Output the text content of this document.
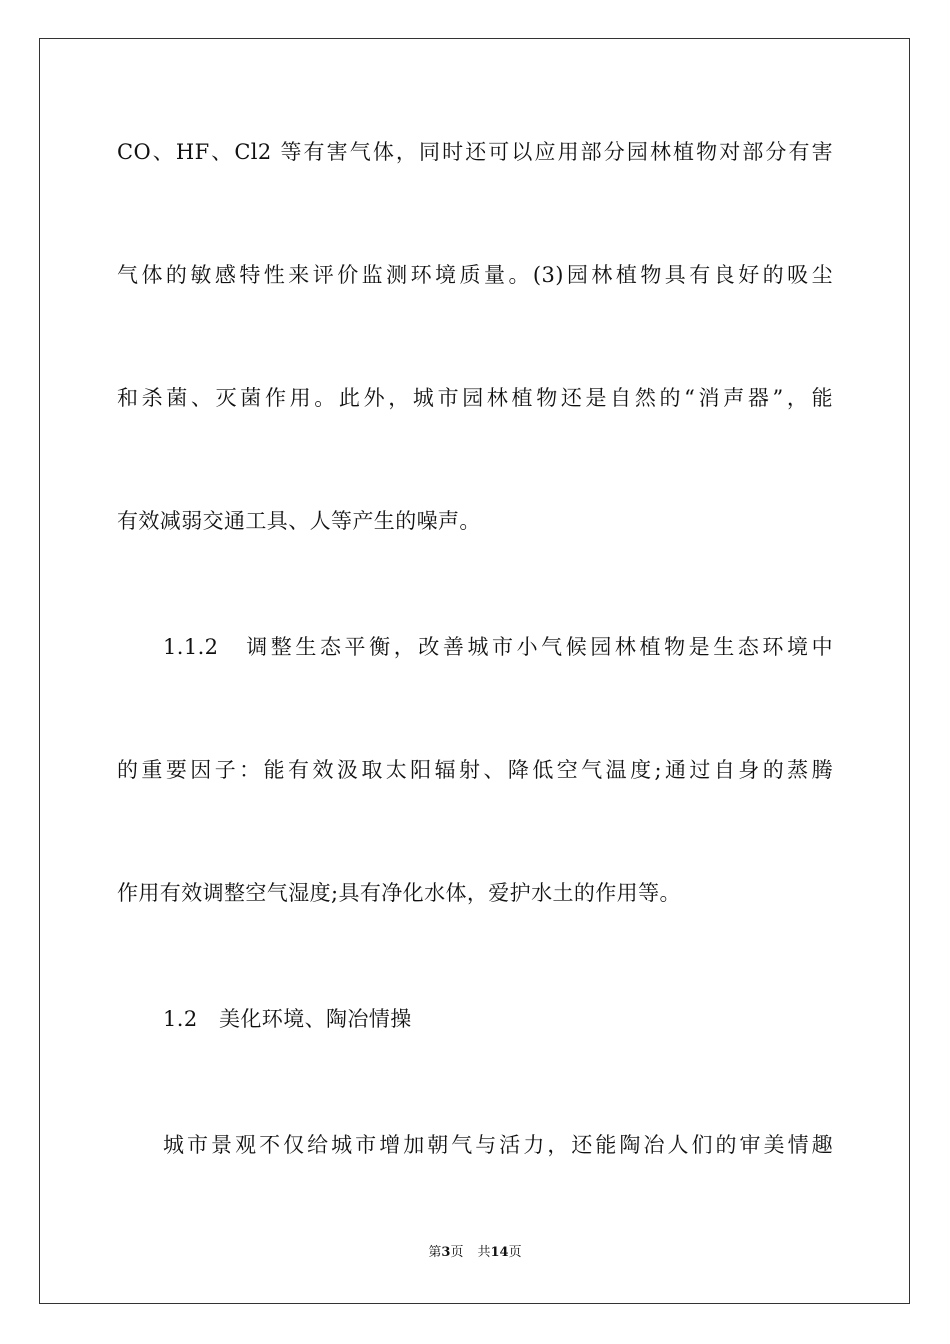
CO、HF、Cl2 等有害气体，同时还可以应用部分园林植物对部分有害
气体的敏感特性来评价监测环境质量。(3)园林植物具有良好的吸尘
和杀菌、灭菌作用。此外，城市园林植物还是自然的“消声器”，能
有效减弱交通工具、人等产生的噪声。
1.1.2　调整生态平衡，改善城市小气候园林植物是生态环境中
的重要因子：能有效汲取太阳辐射、降低空气温度;通过自身的蒸腾
作用有效调整空气湿度;具有净化水体，爱护水土的作用等。
1.2　美化环境、陶冶情操
城市景观不仅给城市增加朝气与活力，还能陶冶人们的审美情趣
第3页 共14页
